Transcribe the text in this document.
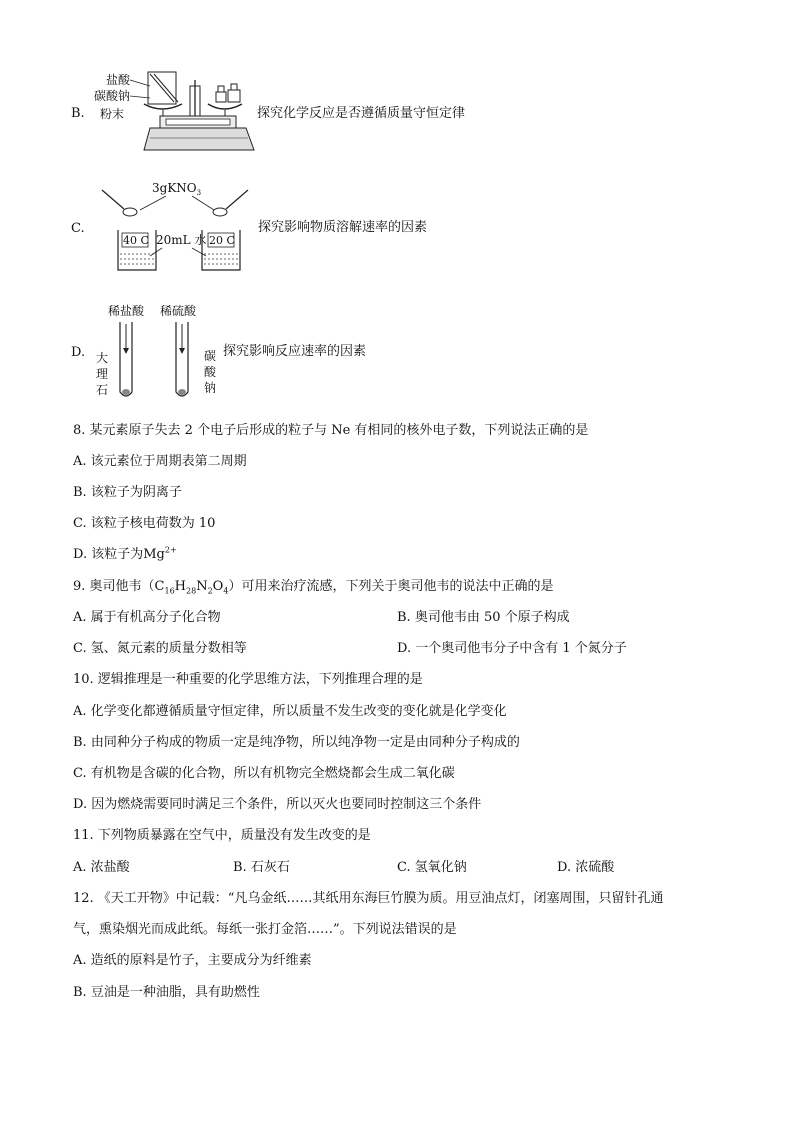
B.
盐酸
碳酸钠
粉末	探究化学反应是否遵循质量守恒定律
C.
3gKNO$_3$
40 C	20 C
20mL 水
探究影响物质溶解速率的因素
D.
稀盐酸 稀硫酸
大
理
石
碳
酸
钠
探究影响反应速率的因素
8. 某元素原子失去 2 个电子后形成的粒子与 Ne 有相同的核外电子数，下列说法正确的是
A. 该元素位于周期表第二周期
B. 该粒子为阴离子
C. 该粒子核电荷数为 10
D. 该粒子为$Mg^{2+}$
9. 奥司他韦$(C_{16}H_{28}N_2O_4)$可用来治疗流感，下列关于奥司他韦的说法中正确的是
A. 属于有机高分子化合物	B. 奥司他韦由 50 个原子构成
C. 氢、氮元素的质量分数相等	D. 一个奥司他韦分子中含有 1 个氮分子
10. 逻辑推理是一种重要的化学思维方法，下列推理合理的是
A. 化学变化都遵循质量守恒定律，所以质量不发生改变的变化就是化学变化
B. 由同种分子构成的物质一定是纯净物，所以纯净物一定是由同种分子构成的
C. 有机物是含碳的化合物，所以有机物完全燃烧都会生成二氧化碳
D. 因为燃烧需要同时满足三个条件，所以灭火也要同时控制这三个条件
11. 下列物质暴露在空气中，质量没有发生改变的是
A. 浓盐酸	B. 石灰石	C. 氢氧化钠	D. 浓硫酸
12. 《天工开物》中记载：“凡乌金纸……其纸用东海巨竹膜为质。用豆油点灯，闭塞周围，只留针孔通
气，熏染烟光而成此纸。每纸一张打金箔……”。下列说法错误的是
A. 造纸的原料是竹子，主要成分为纤维素
B. 豆油是一种油脂，具有助燃性
